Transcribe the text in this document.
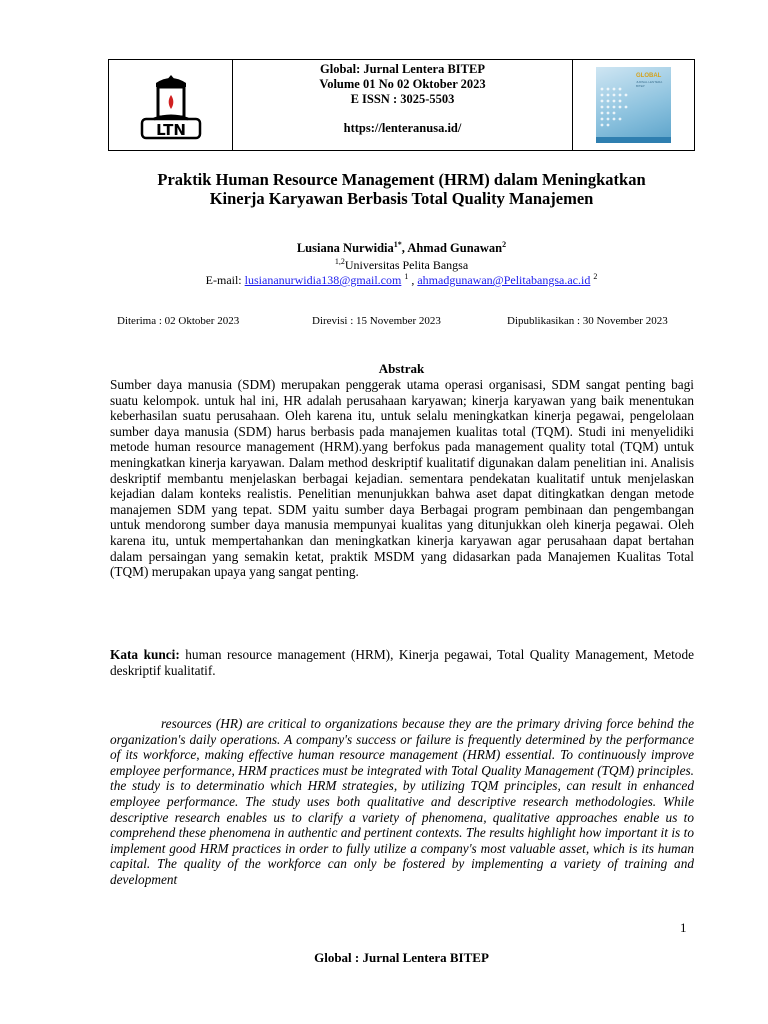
LTN
Global: Jurnal Lentera BITEP
Volume 01 No 02 Oktober 2023
E ISSN : 3025-5503
https://lenteranusa.id/
GLOBAL
JURNAL LENTERA BITEP
Praktik Human Resource Management (HRM) dalam Meningkatkan
Kinerja Karyawan Berbasis Total Quality Manajemen
Lusiana Nurwidia$^{1*}$, Ahmad Gunawan$^2$
$^{1,2}$Universitas Pelita Bangsa
E-mail: lusiananurwidia138@gmail.com $^1$ , ahmadgunawan@Pelitabangsa.ac.id $^2$
Diterima : 02 Oktober 2023	Direvisi : 15 November 2023	Dipublikasikan : 30 November 2023
Abstrak
Sumber daya manusia (SDM) merupakan penggerak utama operasi organisasi, SDM sangat penting bagi suatu kelompok. untuk hal ini, HR adalah perusahaan karyawan; kinerja karyawan yang baik menentukan keberhasilan suatu perusahaan. Oleh karena itu, untuk selalu meningkatkan kinerja pegawai, pengelolaan sumber daya manusia (SDM) harus berbasis pada manajemen kualitas total (TQM). Studi ini menyelidiki metode human resource management (HRM).yang berfokus pada management quality total (TQM) untuk meningkatkan kinerja karyawan. Dalam method deskriptif kualitatif digunakan dalam penelitian ini. Analisis deskriptif membantu menjelaskan berbagai kejadian. sementara pendekatan kualitatif untuk menjelaskan kejadian dalam konteks realistis. Penelitian menunjukkan bahwa aset dapat ditingkatkan dengan metode manajemen SDM yang tepat. SDM yaitu sumber daya Berbagai program pembinaan dan pengembangan untuk mendorong sumber daya manusia mempunyai kualitas yang ditunjukkan oleh kinerja pegawai. Oleh karena itu, untuk mempertahankan dan meningkatkan kinerja karyawan agar perusahaan dapat bertahan dalam persaingan yang semakin ketat, praktik MSDM yang didasarkan pada Manajemen Kualitas Total (TQM) merupakan upaya yang sangat penting.
Kata kunci: human resource management (HRM), Kinerja pegawai, Total Quality Management, Metode deskriptif kualitatif.
resources (HR) are critical to organizations because they are the primary driving force behind the organization's daily operations. A company's success or failure is frequently determined by the performance of its workforce, making effective human resource management (HRM) essential. To continuously improve employee performance, HRM practices must be integrated with Total Quality Management (TQM) principles. the study is to determinatio which HRM strategies, by utilizing TQM principles, can result in enhanced employee performance. The study uses both qualitative and descriptive research methodologies. While descriptive research enables us to clarify a variety of phenomena, qualitative approaches enable us to comprehend these phenomena in authentic and pertinent contexts. The results highlight how important it is to implement good HRM practices in order to fully utilize a company's most valuable asset, which is its human capital. The quality of the workforce can only be fostered by implementing a variety of training and development
1
Global : Jurnal Lentera BITEP
